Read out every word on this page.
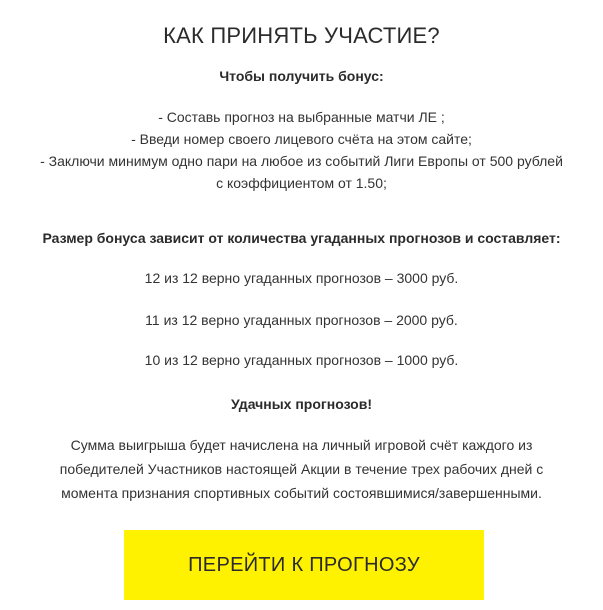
КАК ПРИНЯТЬ УЧАСТИЕ?

Чтобы получить бонус:

- Составь прогноз на выбранные матчи ЛЕ ;
- Введи номер своего лицевого счёта на этом сайте;
- Заключи минимум одно пари на любое из событий Лиги Европы от 500 рублей
с коэффициентом от 1.50;

Размер бонуса зависит от количества угаданных прогнозов и составляет:

12 из 12 верно угаданных прогнозов – 3000 руб.

11 из 12 верно угаданных прогнозов – 2000 руб.

10 из 12 верно угаданных прогнозов – 1000 руб.

Удачных прогнозов!

Сумма выигрыша будет начислена на личный игровой счёт каждого из победителей Участников настоящей Акции в течение трех рабочих дней с момента признания спортивных событий состоявшимися/завершенными.

ПЕРЕЙТИ К ПРОГНОЗУ
